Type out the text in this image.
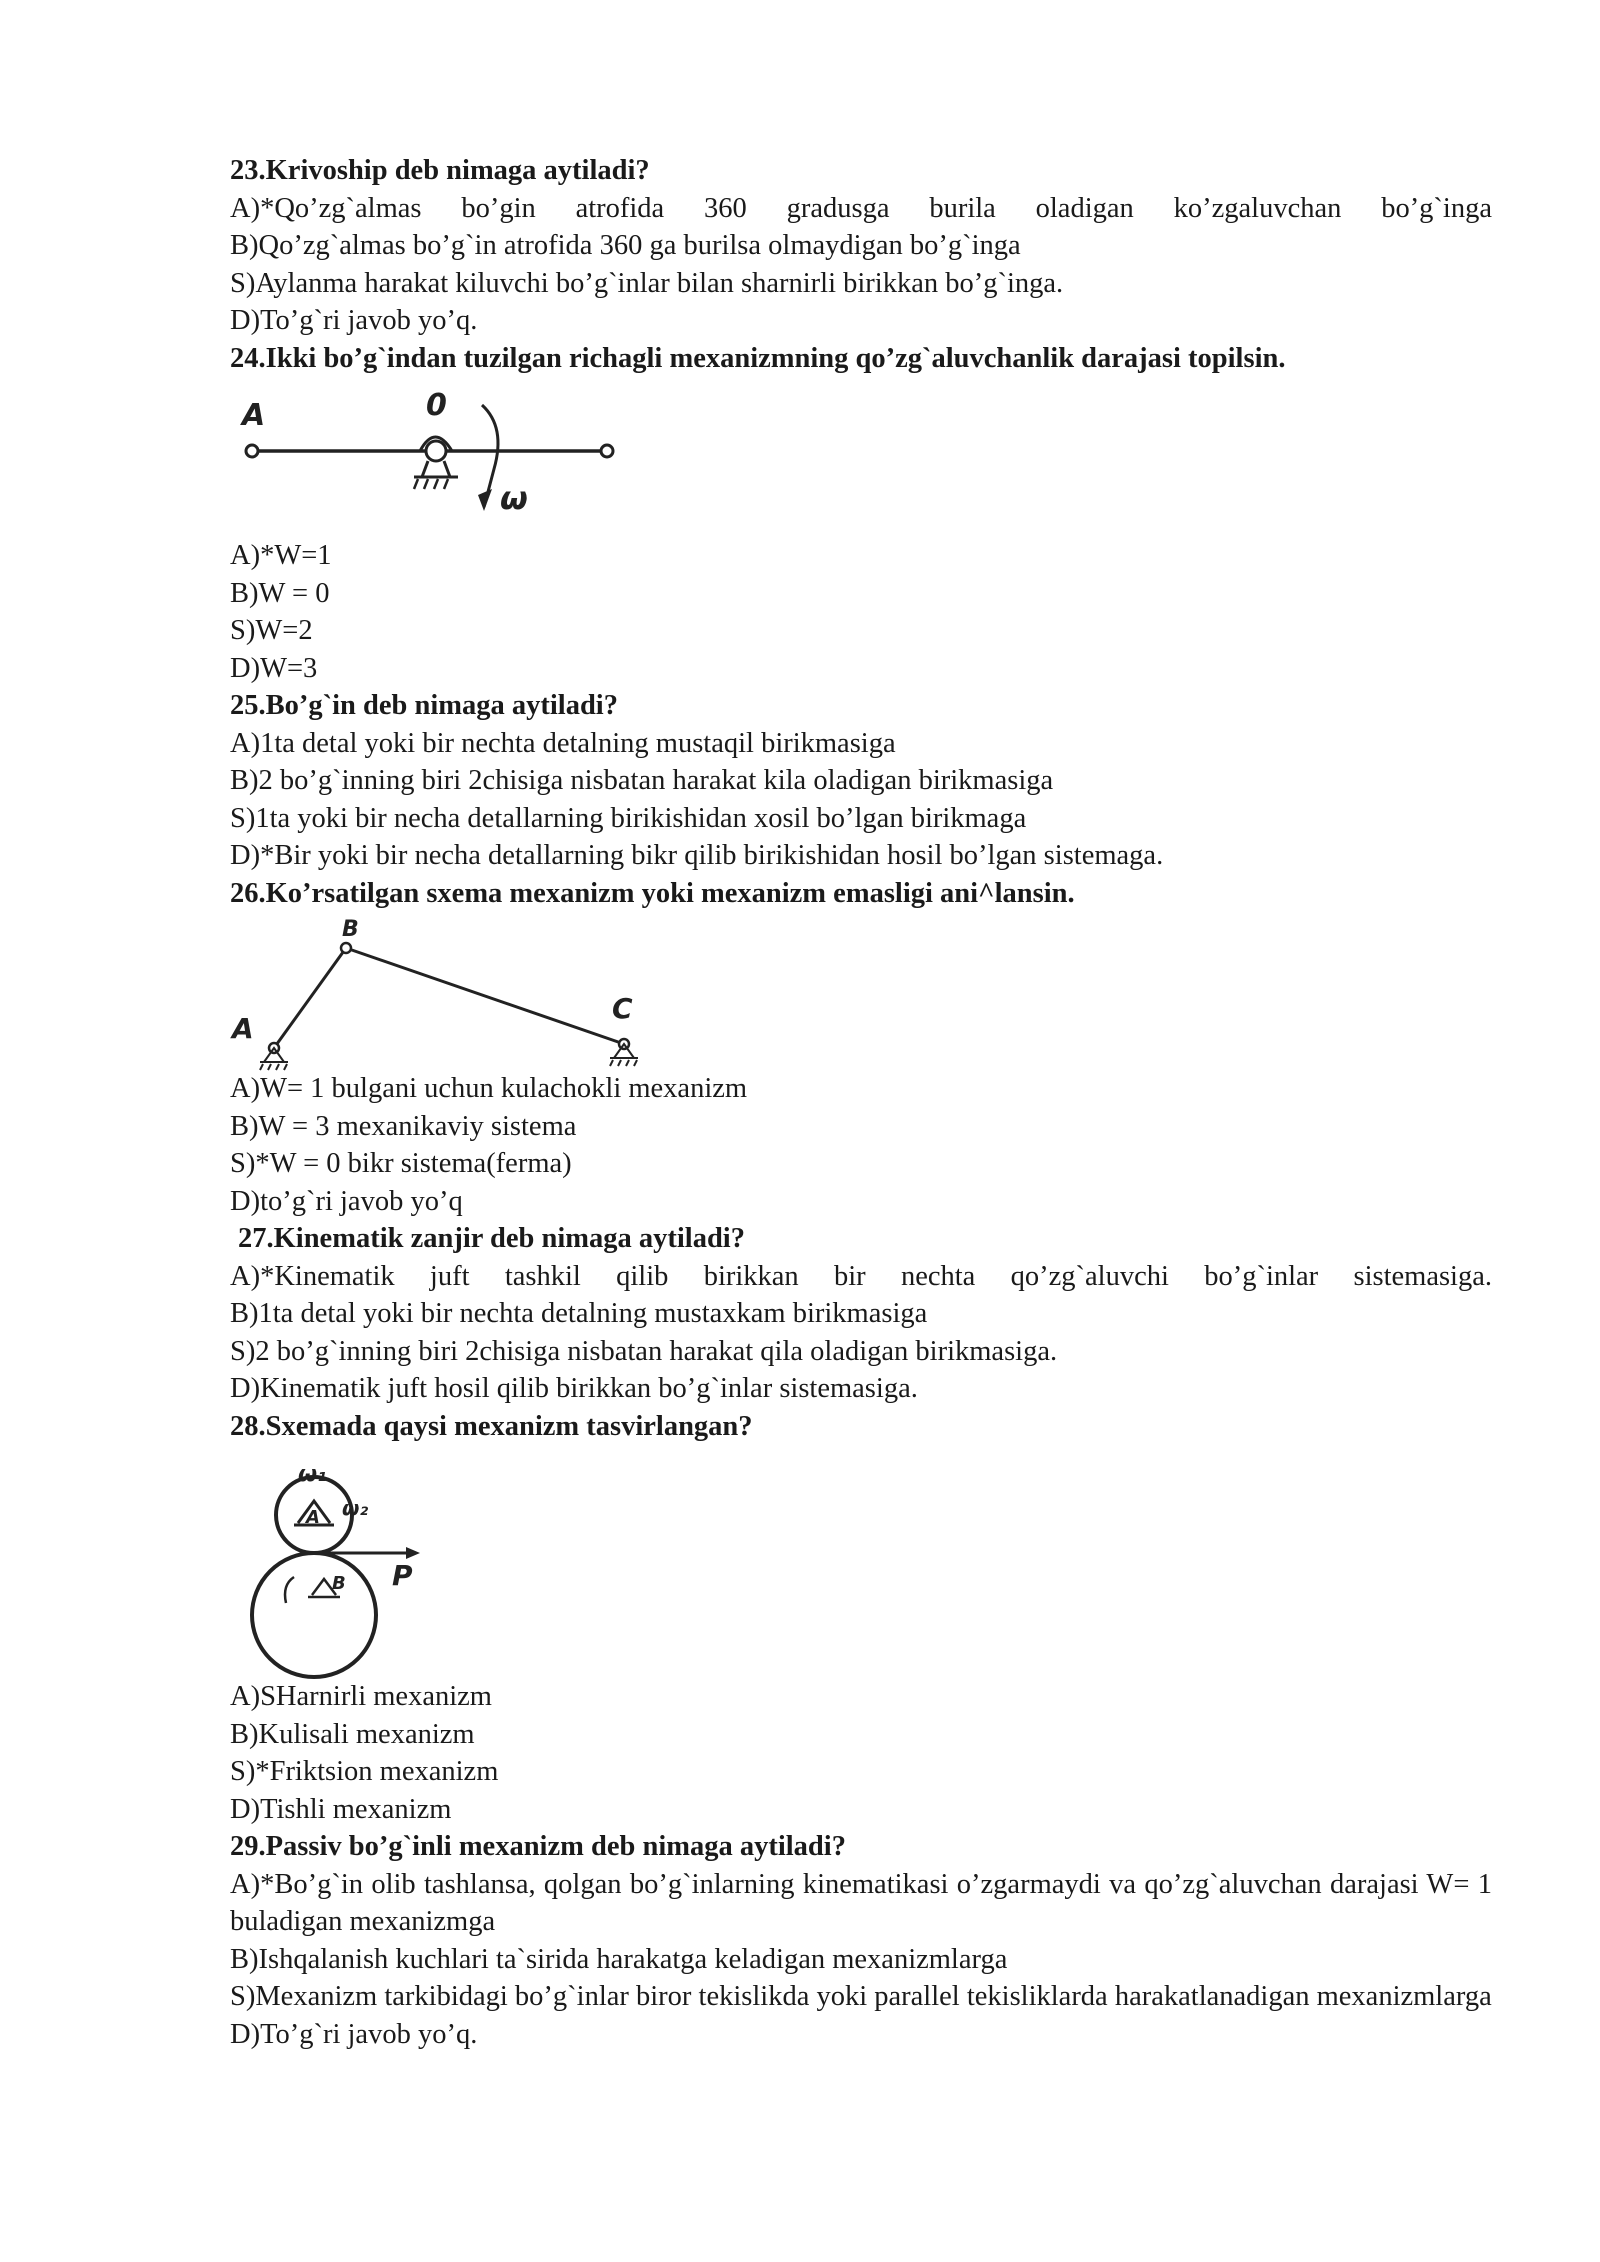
23.Krivoship deb nimaga aytiladi?
A)*Qo’zg`almas bo’gin atrofida 360 gradusga burila oladigan ko’zgaluvchan bo’g`inga
B)Qo’zg`almas bo’g`in atrofida 360 ga burilsa olmaydigan bo’g`inga
S)Aylanma harakat kiluvchi bo’g`inlar bilan sharnirli birikkan bo’g`inga.
D)To’g`ri javob yo’q.
24.Ikki bo’g`indan tuzilgan richagli mexanizmning qo’zg`aluvchanlik darajasi topilsin.
A	0
ω
A)*W=1
B)W = 0
S)W=2
D)W=3
25.Bo’g`in deb nimaga aytiladi?
A)1ta detal yoki bir nechta detalning mustaqil birikmasiga
B)2 bo’g`inning biri 2chisiga nisbatan harakat kila oladigan birikmasiga
S)1ta yoki bir necha detallarning birikishidan xosil bo’lgan birikmaga
D)*Bir yoki bir necha detallarning bikr qilib birikishidan hosil bo’lgan sistemaga.
26.Ko’rsatilgan sxema mexanizm yoki mexanizm emasligi ani^lansin.
B
A
C
A)W= 1 bulgani uchun kulachokli mexanizm
B)W = 3 mexanikaviy sistema
S)*W = 0 bikr sistema(ferma)
D)to’g`ri javob yo’q
27.Kinematik zanjir deb nimaga aytiladi?
A)*Kinematik juft tashkil qilib birikkan bir nechta qo’zg`aluvchi bo’g`inlar sistemasiga.
B)1ta detal yoki bir nechta detalning mustaxkam birikmasiga
S)2 bo’g`inning biri 2chisiga nisbatan harakat qila oladigan birikmasiga.
D)Kinematik juft hosil qilib birikkan bo’g`inlar sistemasiga.
28.Sxemada qaysi mexanizm tasvirlangan?
ω₁
A ω₂
P
B
A)SHarnirli mexanizm
B)Kulisali mexanizm
S)*Friktsion mexanizm
D)Tishli mexanizm
29.Passiv bo’g`inli mexanizm deb nimaga aytiladi?
A)*Bo’g`in olib tashlansa, qolgan bo’g`inlarning kinematikasi o’zgarmaydi va qo’zg`aluvchan darajasi W= 1 buladigan mexanizmga
B)Ishqalanish kuchlari ta`sirida harakatga keladigan mexanizmlarga
S)Mexanizm tarkibidagi bo’g`inlar biror tekislikda yoki parallel tekisliklarda harakatlanadigan mexanizmlarga
D)To’g`ri javob yo’q.
